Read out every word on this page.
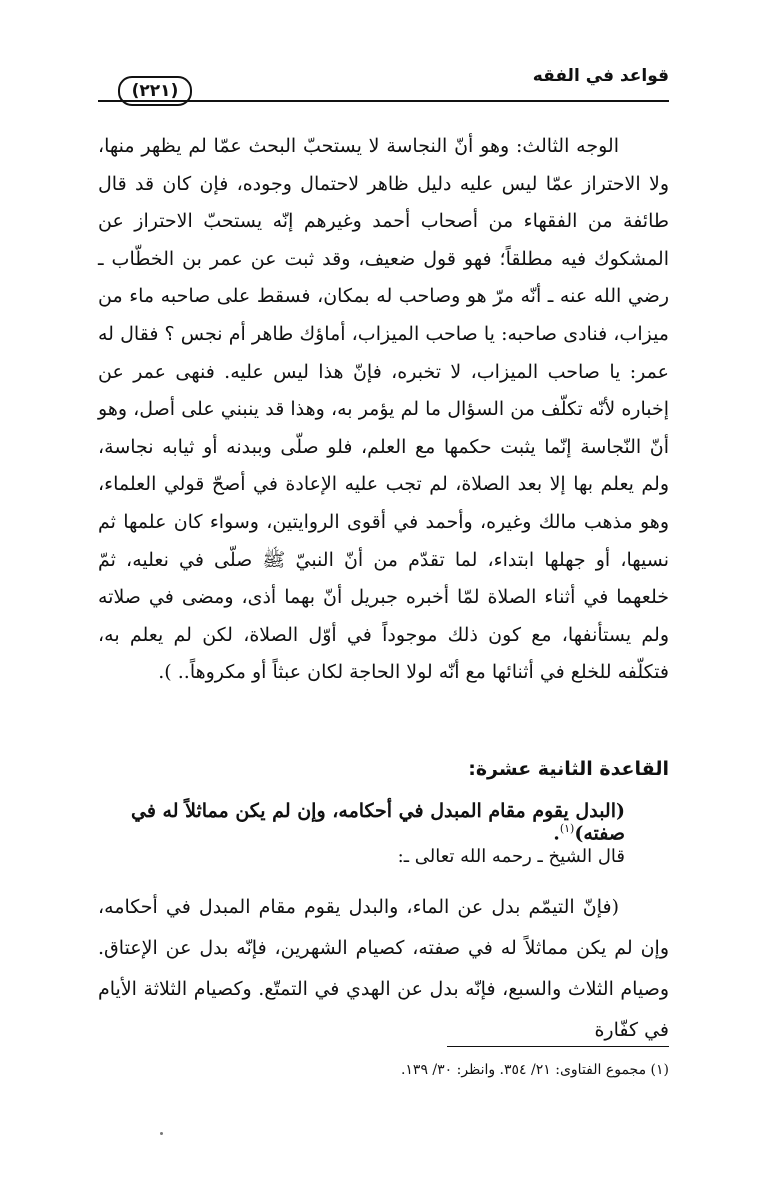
قواعد في الفقه
(٢٢١)

الوجه الثالث: وهو أنّ النجاسة لا يستحبّ البحث عمّا لم يظهر منها، ولا الاحتراز عمّا ليس عليه دليل ظاهر لاحتمال وجوده، فإن كان قد قال طائفة من الفقهاء من أصحاب أحمد وغيرهم إنّه يستحبّ الاحتراز عن المشكوك فيه مطلقاً؛ فهو قول ضعيف، وقد ثبت عن عمر بن الخطّاب ـ رضي الله عنه ـ أنّه مرّ هو وصاحب له بمكان، فسقط على صاحبه ماء من ميزاب، فنادى صاحبه: يا صاحب الميزاب، أماؤك طاهر أم نجس ؟ فقال له عمر: يا صاحب الميزاب، لا تخبره، فإنّ هذا ليس عليه. فنهى عمر عن إخباره لأنّه تكلّف من السؤال ما لم يؤمر به، وهذا قد ينبني على أصل، وهو أنّ النّجاسة إنّما يثبت حكمها مع العلم، فلو صلّى وببدنه أو ثيابه نجاسة، ولم يعلم بها إلا بعد الصلاة، لم تجب عليه الإعادة في أصحّ قولي العلماء، وهو مذهب مالك وغيره، وأحمد في أقوى الروايتين، وسواء كان علمها ثم نسيها، أو جهلها ابتداء، لما تقدّم من أنّ النبيّ ﷺ صلّى في نعليه، ثمّ خلعهما في أثناء الصلاة لمّا أخبره جبريل أنّ بهما أذى، ومضى في صلاته ولم يستأنفها، مع كون ذلك موجوداً في أوّل الصلاة، لكن لم يعلم به، فتكلّفه للخلع في أثنائها مع أنّه لولا الحاجة لكان عبثاً أو مكروهاً.. ).

القاعدة الثانية عشرة:
(البدل يقوم مقام المبدل في أحكامه، وإن لم يكن مماثلاً له في صفته)$^{(١)}$.
قال الشيخ ـ رحمه الله تعالى ـ:

(فإنّ التيمّم بدل عن الماء، والبدل يقوم مقام المبدل في أحكامه، وإن لم يكن مماثلاً له في صفته، كصيام الشهرين، فإنّه بدل عن الإعتاق. وصيام الثلاث والسبع، فإنّه بدل عن الهدي في التمتّع. وكصيام الثلاثة الأيام في كفّارة

(١) مجموع الفتاوى: ٢١/ ٣٥٤. وانظر: ٣٠/ ١٣٩.
